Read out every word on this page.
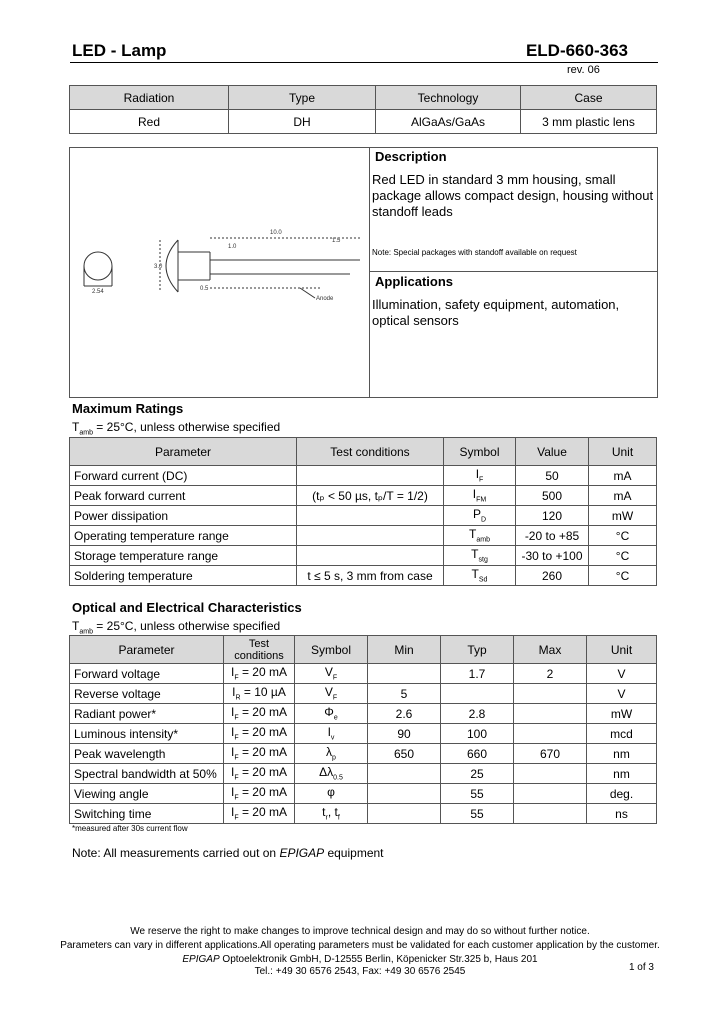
LED - Lamp	ELD-660-363
rev. 06
Radiation	Type	Technology	Case
Red	DH	AlGaAs/GaAs	3 mm plastic lens
2.54
Anode
0.5
3.0
1.0
10.0
1.5
Description
Red LED in standard 3 mm housing, small package allows compact design, housing without standoff leads
Note: Special packages with standoff available on request
Applications
Illumination, safety equipment, automation, optical sensors
Maximum Ratings
$T_{amb} = 25^\circ C$, unless otherwise specified
Parameter	Test conditions	Symbol	Value	Unit
Forward current (DC)		$I_F$	50	mA
Peak forward current	(tₚ < 50 µs, tₚ/T = 1/2)	$I_{FM}$	500	mA
Power dissipation		$P_D$	120	mW
Operating temperature range		$T_{amb}$	-20 to +85	°C
Storage temperature range		$T_{stg}$	-30 to +100	°C
Soldering temperature	t ≤ 5 s, 3 mm from case	$T_{Sd}$	260	°C
Optical and Electrical Characteristics
$T_{amb} = 25^\circ C$, unless otherwise specified
Parameter	Test conditions	Symbol	Min	Typ	Max	Unit
Forward voltage	$I_F = 20$ mA	$V_F$		1.7	2	V
Reverse voltage	$I_R = 10$ µA	$V_F$	5			V
Radiant power*	$I_F = 20$ mA	$\Phi_e$	2.6	2.8		mW
Luminous intensity*	$I_F = 20$ mA	$I_v$	90	100		mcd
Peak wavelength	$I_F = 20$ mA	$\lambda_p$	650	660	670	nm
Spectral bandwidth at 50%	$I_F = 20$ mA	$\Delta\lambda_{0.5}$		25		nm
Viewing angle	$I_F = 20$ mA	φ		55		deg.
Switching time	$I_F = 20$ mA	$t_r$, $t_f$		55		ns
*measured after 30s current flow
Note: All measurements carried out on EPIGAP equipment
We reserve the right to make changes to improve technical design and may do so without further notice.
Parameters can vary in different applications.All operating parameters must be validated for each customer application by the customer.
EPIGAP Optoelektronik GmbH, D-12555 Berlin, Köpenicker Str.325 b, Haus 201
Tel.: +49 30 6576 2543, Fax: +49 30 6576 2545	1 of 3
